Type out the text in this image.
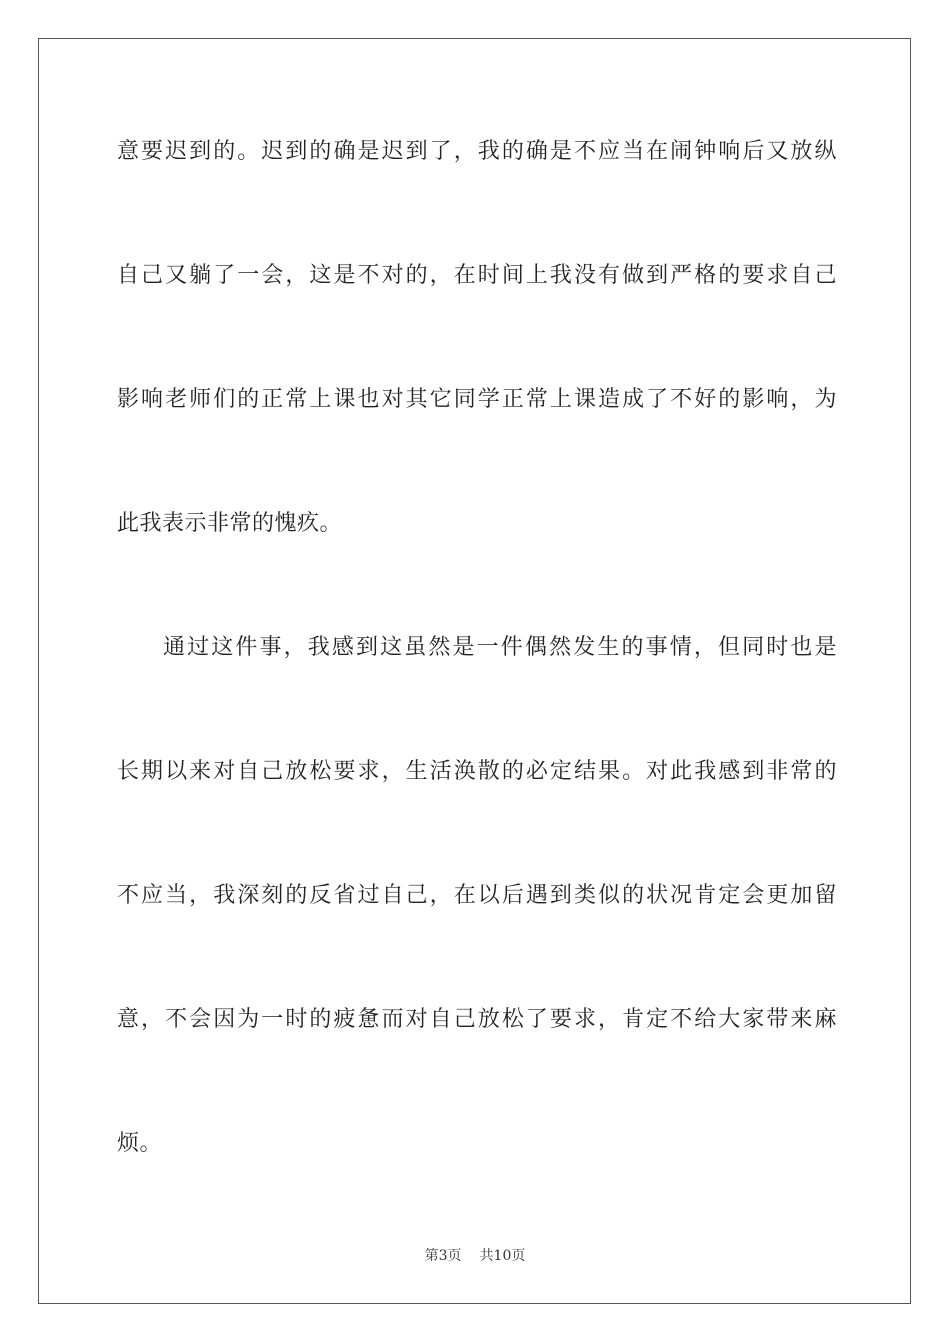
意要迟到的。迟到的确是迟到了，我的确是不应当在闹钟响后又放纵
自己又躺了一会，这是不对的，在时间上我没有做到严格的要求自己
影响老师们的正常上课也对其它同学正常上课造成了不好的影响，为
此我表示非常的愧疚。
通过这件事，我感到这虽然是一件偶然发生的事情，但同时也是
长期以来对自己放松要求，生活涣散的必定结果。对此我感到非常的
不应当，我深刻的反省过自己，在以后遇到类似的状况肯定会更加留
意，不会因为一时的疲惫而对自己放松了要求，肯定不给大家带来麻
烦。
第3页 共10页
